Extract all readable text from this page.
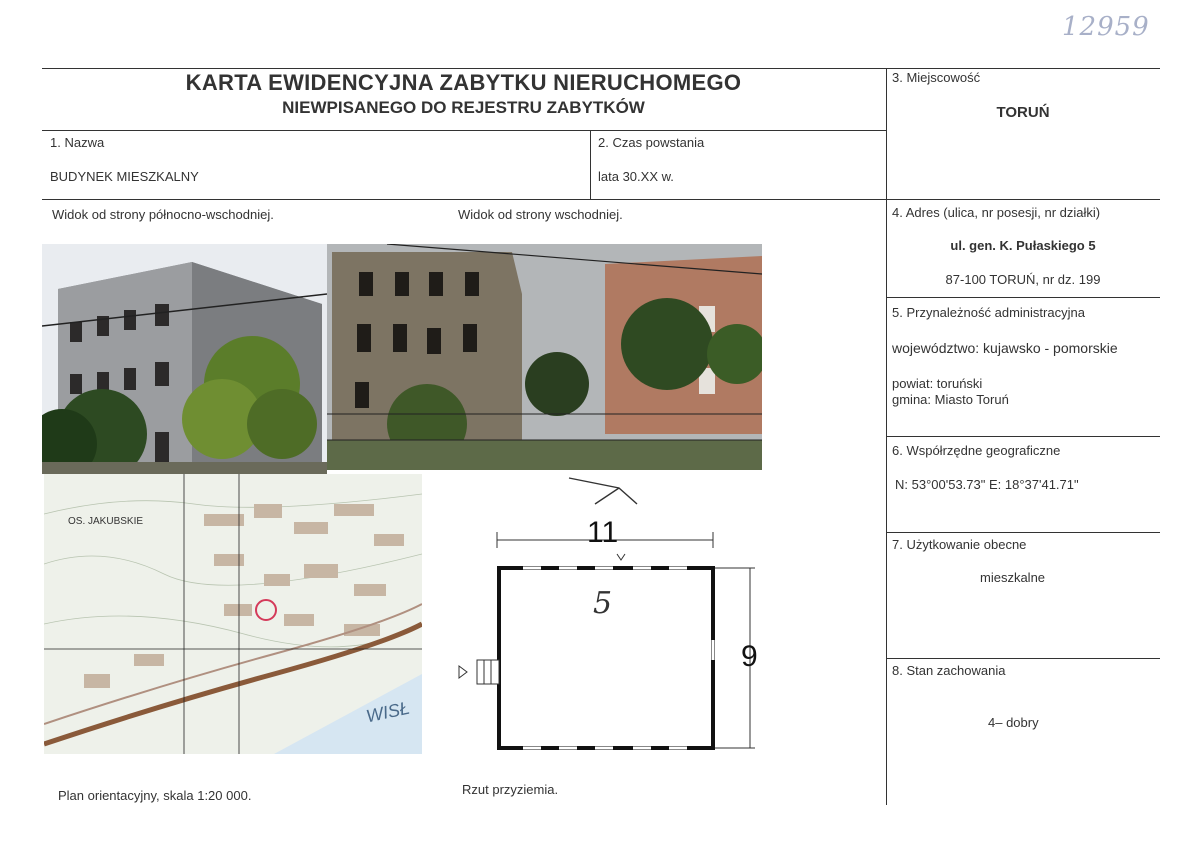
12959
KARTA EWIDENCYJNA ZABYTKU NIERUCHOMEGO
NIEWPISANEGO DO REJESTRU ZABYTKÓW
1. Nazwa
BUDYNEK MIESZKALNY
2. Czas powstania
lata 30.XX w.
3. Miejscowość
TORUŃ
4. Adres (ulica, nr posesji, nr działki)
ul. gen. K. Pułaskiego 5
87-100 TORUŃ, nr dz. 199
5. Przynależność administracyjna
województwo: kujawsko - pomorskie
powiat: toruński
gmina: Miasto Toruń
6. Współrzędne geograficzne
N: 53°00'53.73" E: 18°37'41.71"
7. Użytkowanie obecne
mieszkalne
8. Stan zachowania
4– dobry
Widok od strony północno-wschodniej.	Widok od strony wschodniej.
OS. JAKUBSKIE
WISŁ
11
9
5
Plan orientacyjny, skala 1:20 000.	Rzut przyziemia.
